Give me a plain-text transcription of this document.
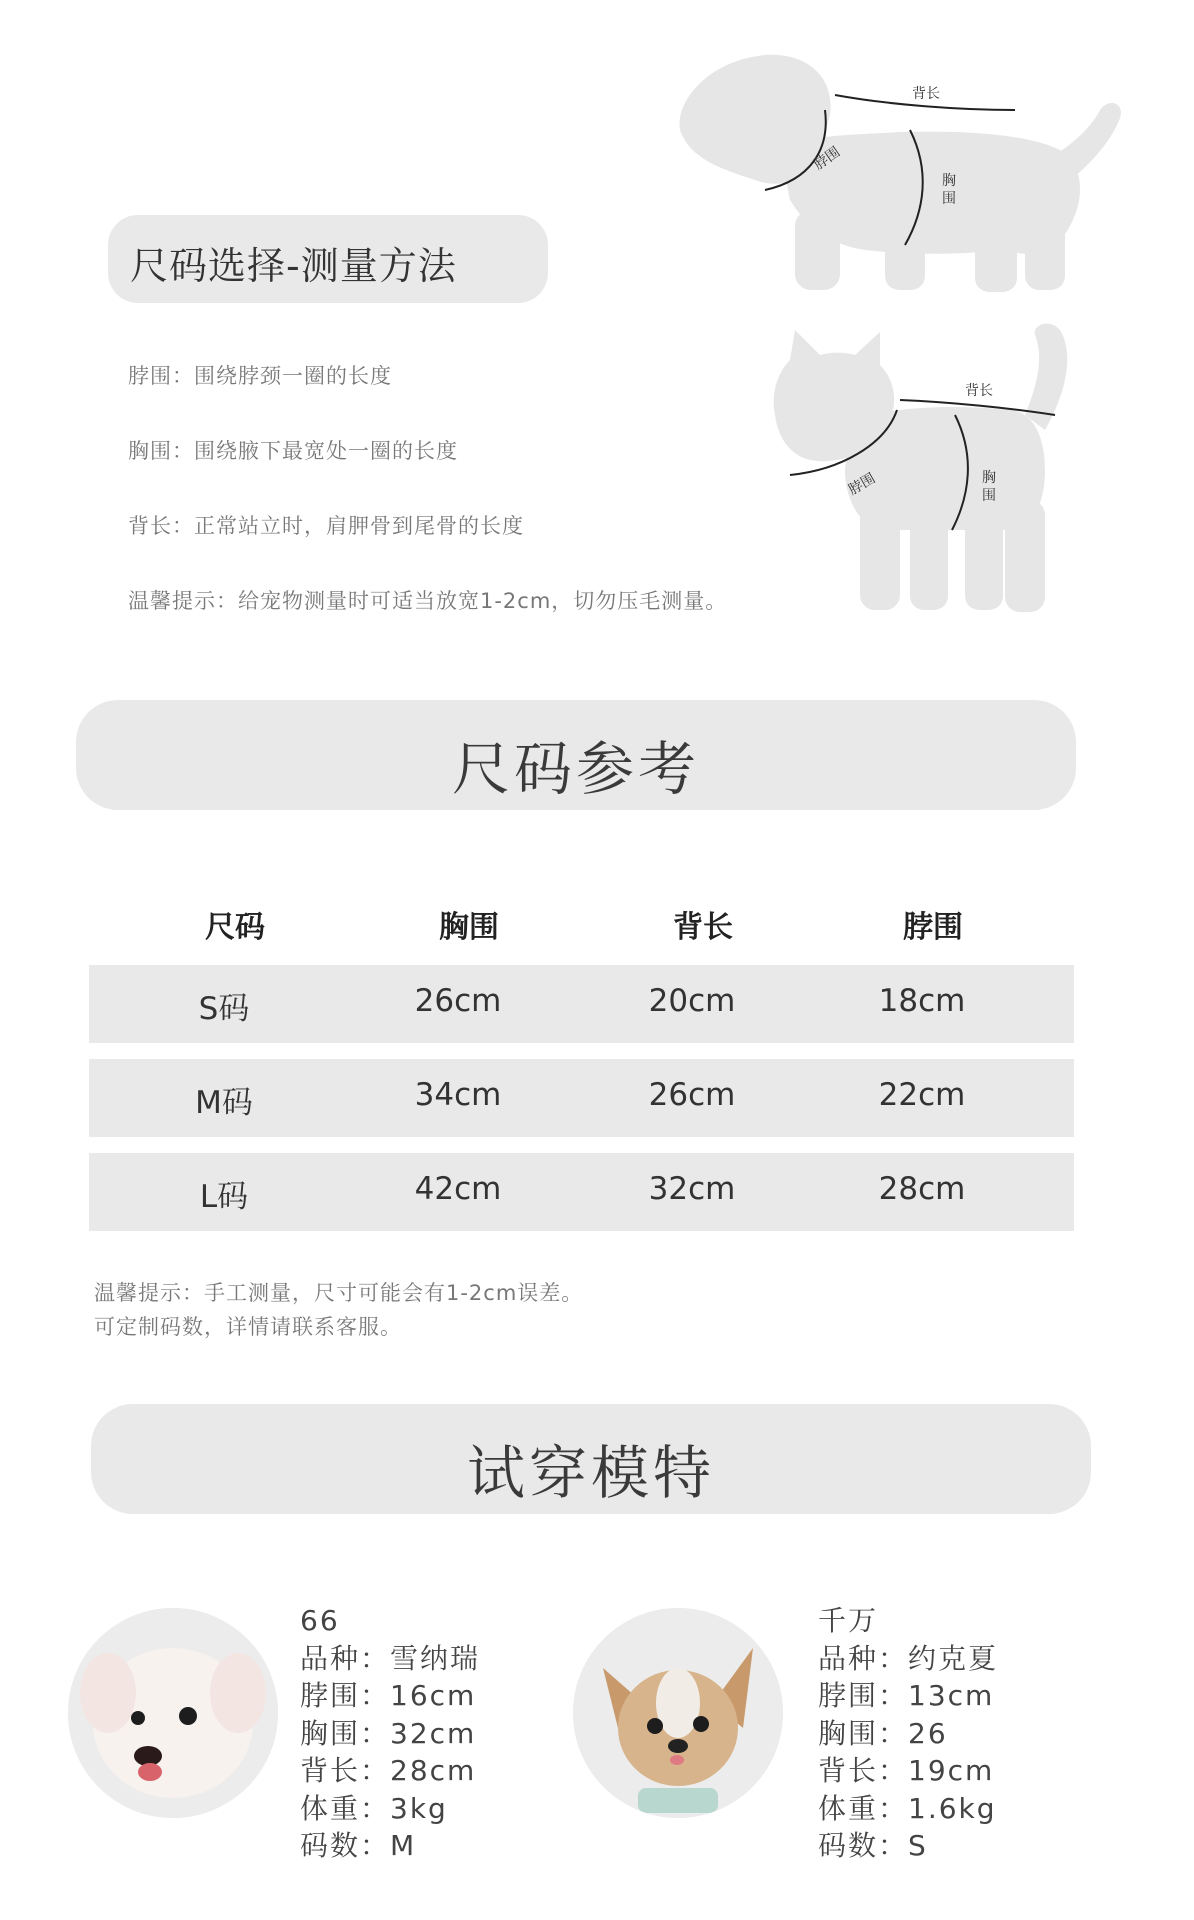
尺码选择-测量方法
脖围：围绕脖颈一圈的长度
胸围：围绕腋下最宽处一圈的长度
背长：正常站立时，肩胛骨到尾骨的长度
温馨提示：给宠物测量时可适当放宽1-2cm，切勿压毛测量。
背长
脖围
胸
围
背长
脖围	胸
围
尺码参考
尺码	胸围	背长	脖围
S码	26cm	20cm	18cm
M码	34cm	26cm	22cm
L码	42cm	32cm	28cm
温馨提示：手工测量，尺寸可能会有1-2cm误差。
可定制码数，详情请联系客服。
试穿模特
66
品种：雪纳瑞
脖围：16cm
胸围：32cm
背长：28cm
体重：3kg
码数：M
千万
品种：约克夏
脖围：13cm
胸围：26
背长：19cm
体重：1.6kg
码数：S
